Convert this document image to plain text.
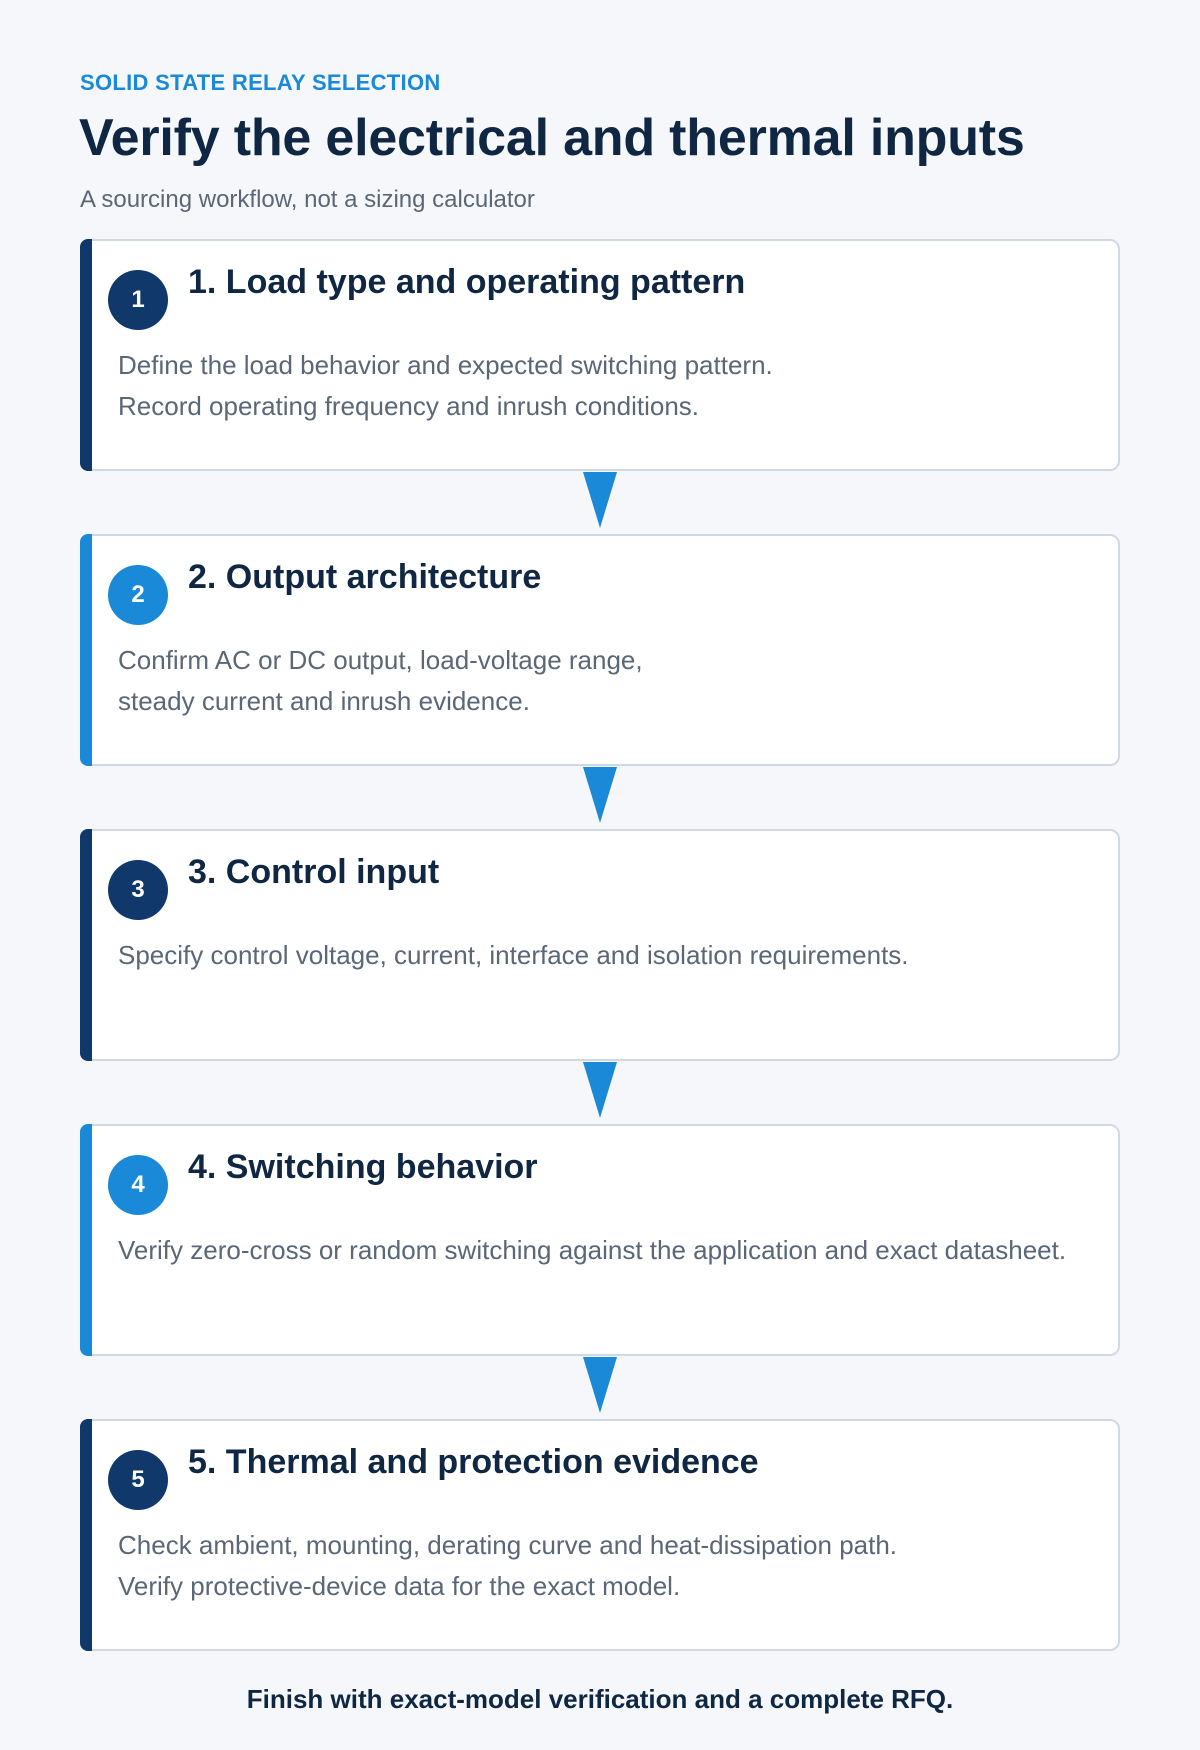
SOLID STATE RELAY SELECTION
Verify the electrical and thermal inputs
A sourcing workflow, not a sizing calculator
1	1. Load type and operating pattern
Define the load behavior and expected switching pattern.
Record operating frequency and inrush conditions.
2	2. Output architecture
Confirm AC or DC output, load-voltage range,
steady current and inrush evidence.
3	3. Control input
Specify control voltage, current, interface and isolation requirements.
4	4. Switching behavior
Verify zero-cross or random switching against the application and exact datasheet.
5	5. Thermal and protection evidence
Check ambient, mounting, derating curve and heat-dissipation path.
Verify protective-device data for the exact model.
Finish with exact-model verification and a complete RFQ.
